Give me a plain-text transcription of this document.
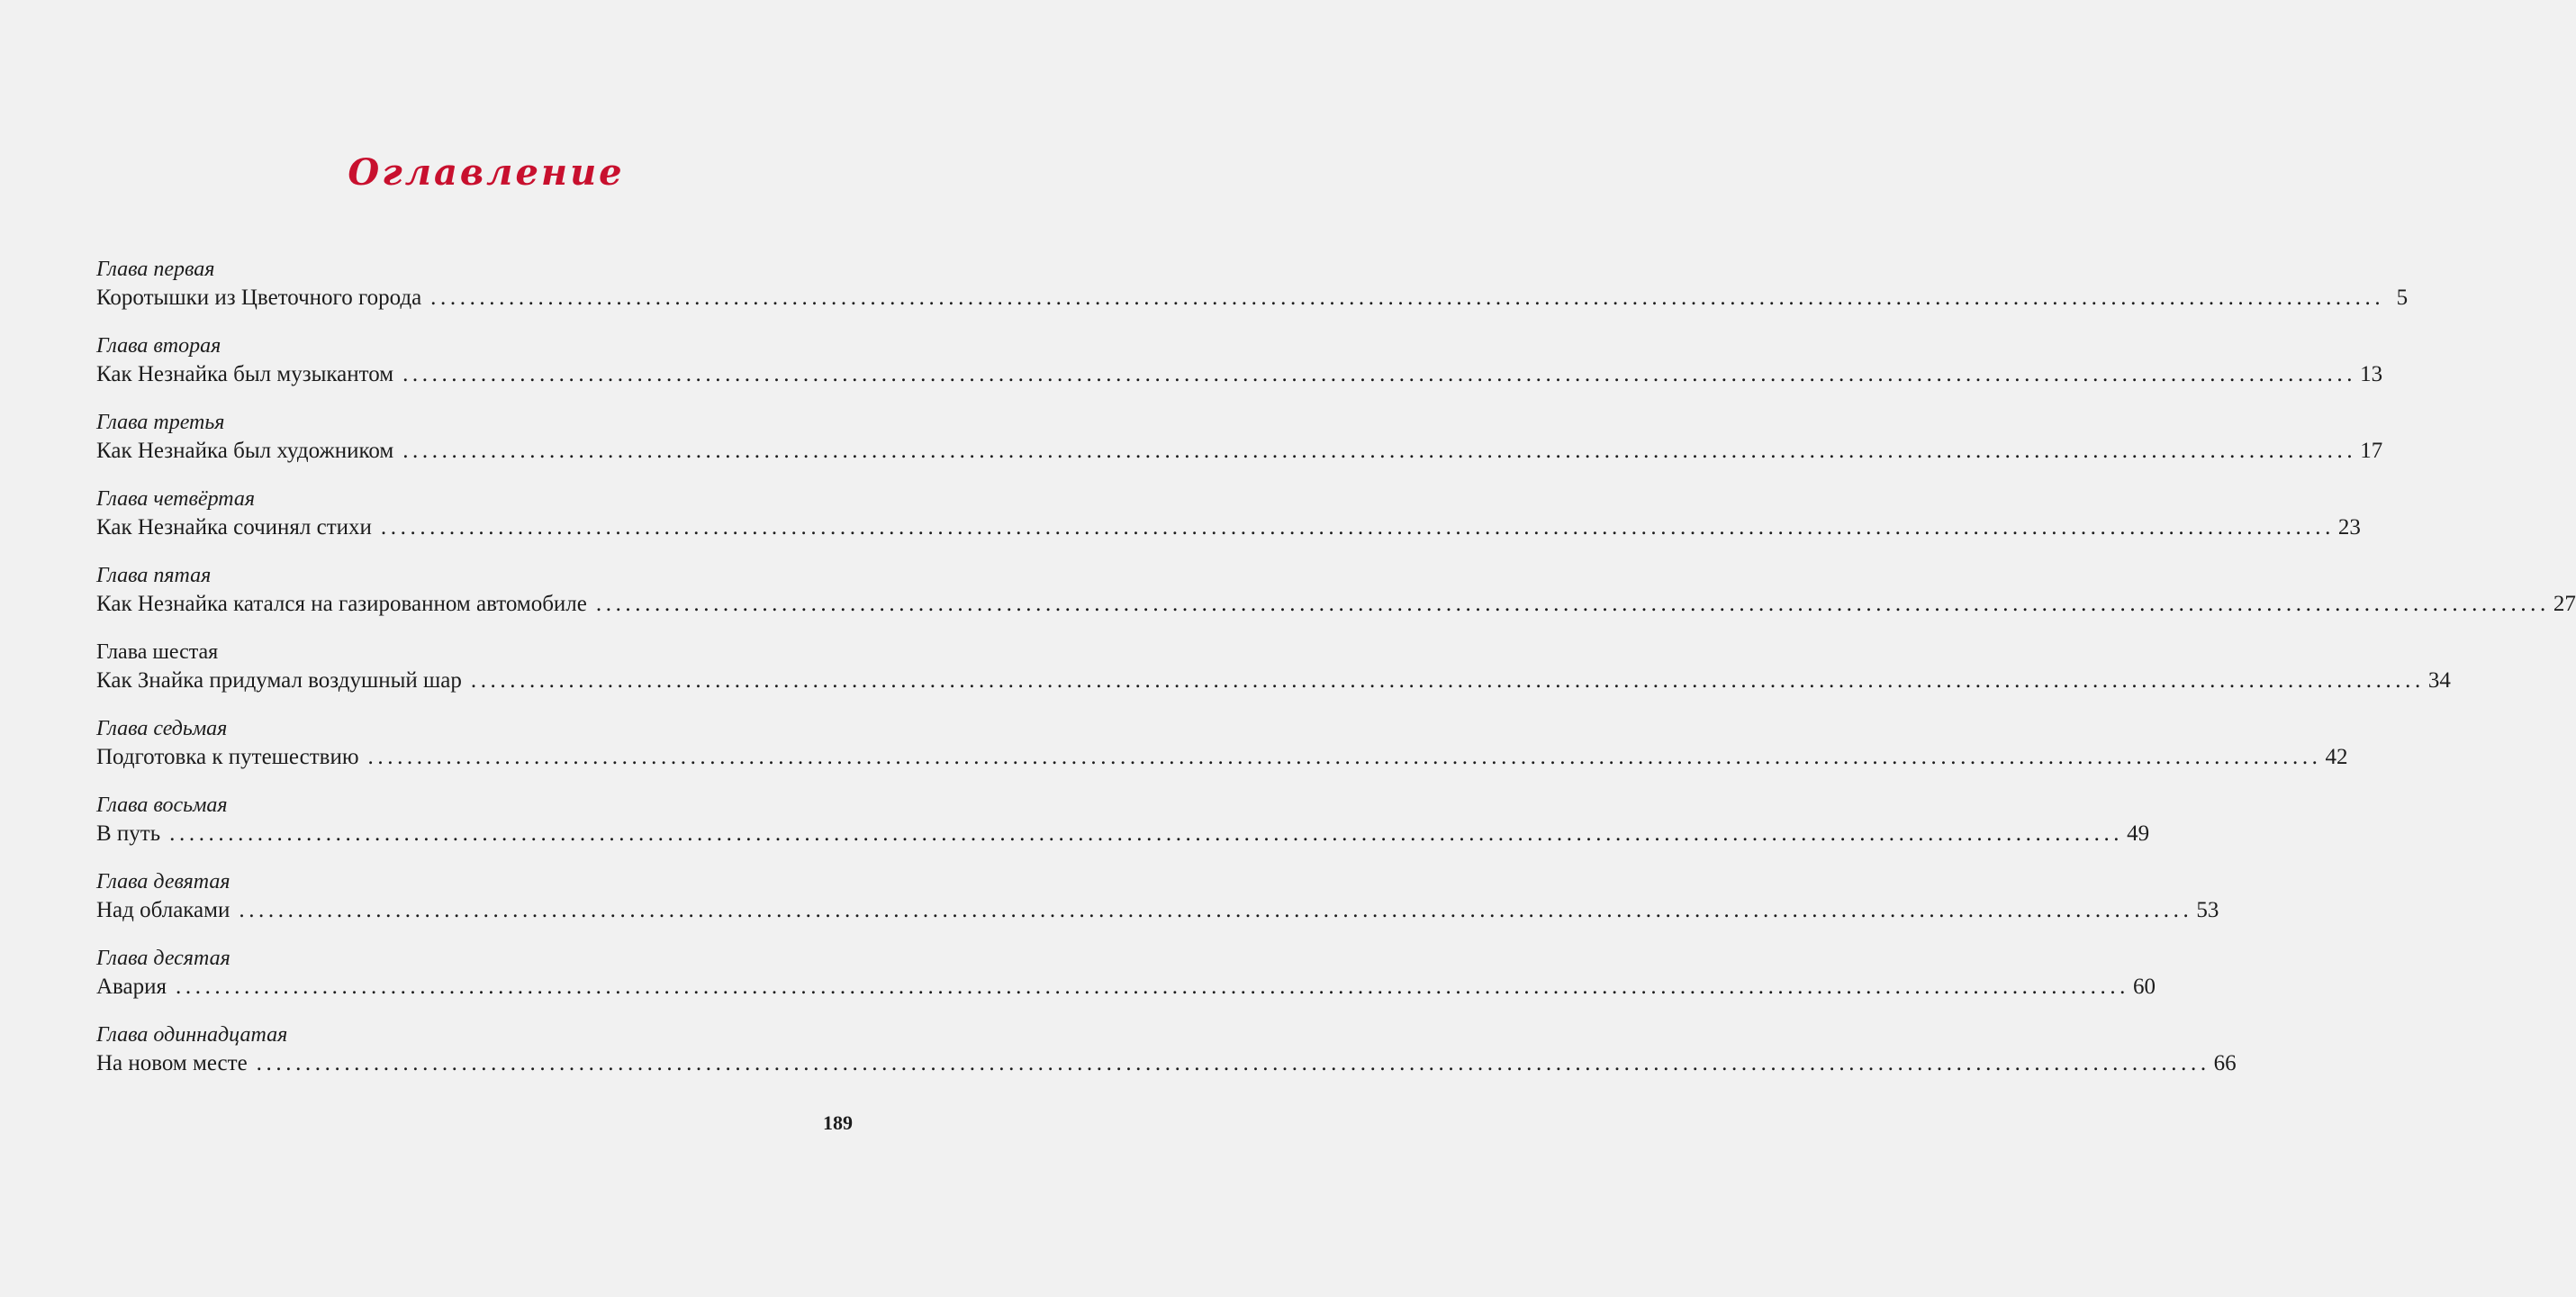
Оглавление
Глава первая
Коротышки из Цветочного города ........................................................................................................................................................................................................ 5
Глава вторая
Как Незнайка был музыкантом ........................................................................................................................................................................................................ 13
Глава третья
Как Незнайка был художником ........................................................................................................................................................................................................ 17
Глава четвёртая
Как Незнайка сочинял стихи ........................................................................................................................................................................................................ 23
Глава пятая
Как Незнайка катался на газированном автомобиле ........................................................................................................................................................................................................ 27
Глава шестая
Как Знайка придумал воздушный шар ........................................................................................................................................................................................................ 34
Глава седьмая
Подготовка к путешествию ........................................................................................................................................................................................................ 42
Глава восьмая
В путь ........................................................................................................................................................................................................ 49
Глава девятая
Над облаками ........................................................................................................................................................................................................ 53
Глава десятая
Авария ........................................................................................................................................................................................................ 60
Глава одиннадцатая
На новом месте ........................................................................................................................................................................................................ 66
189
